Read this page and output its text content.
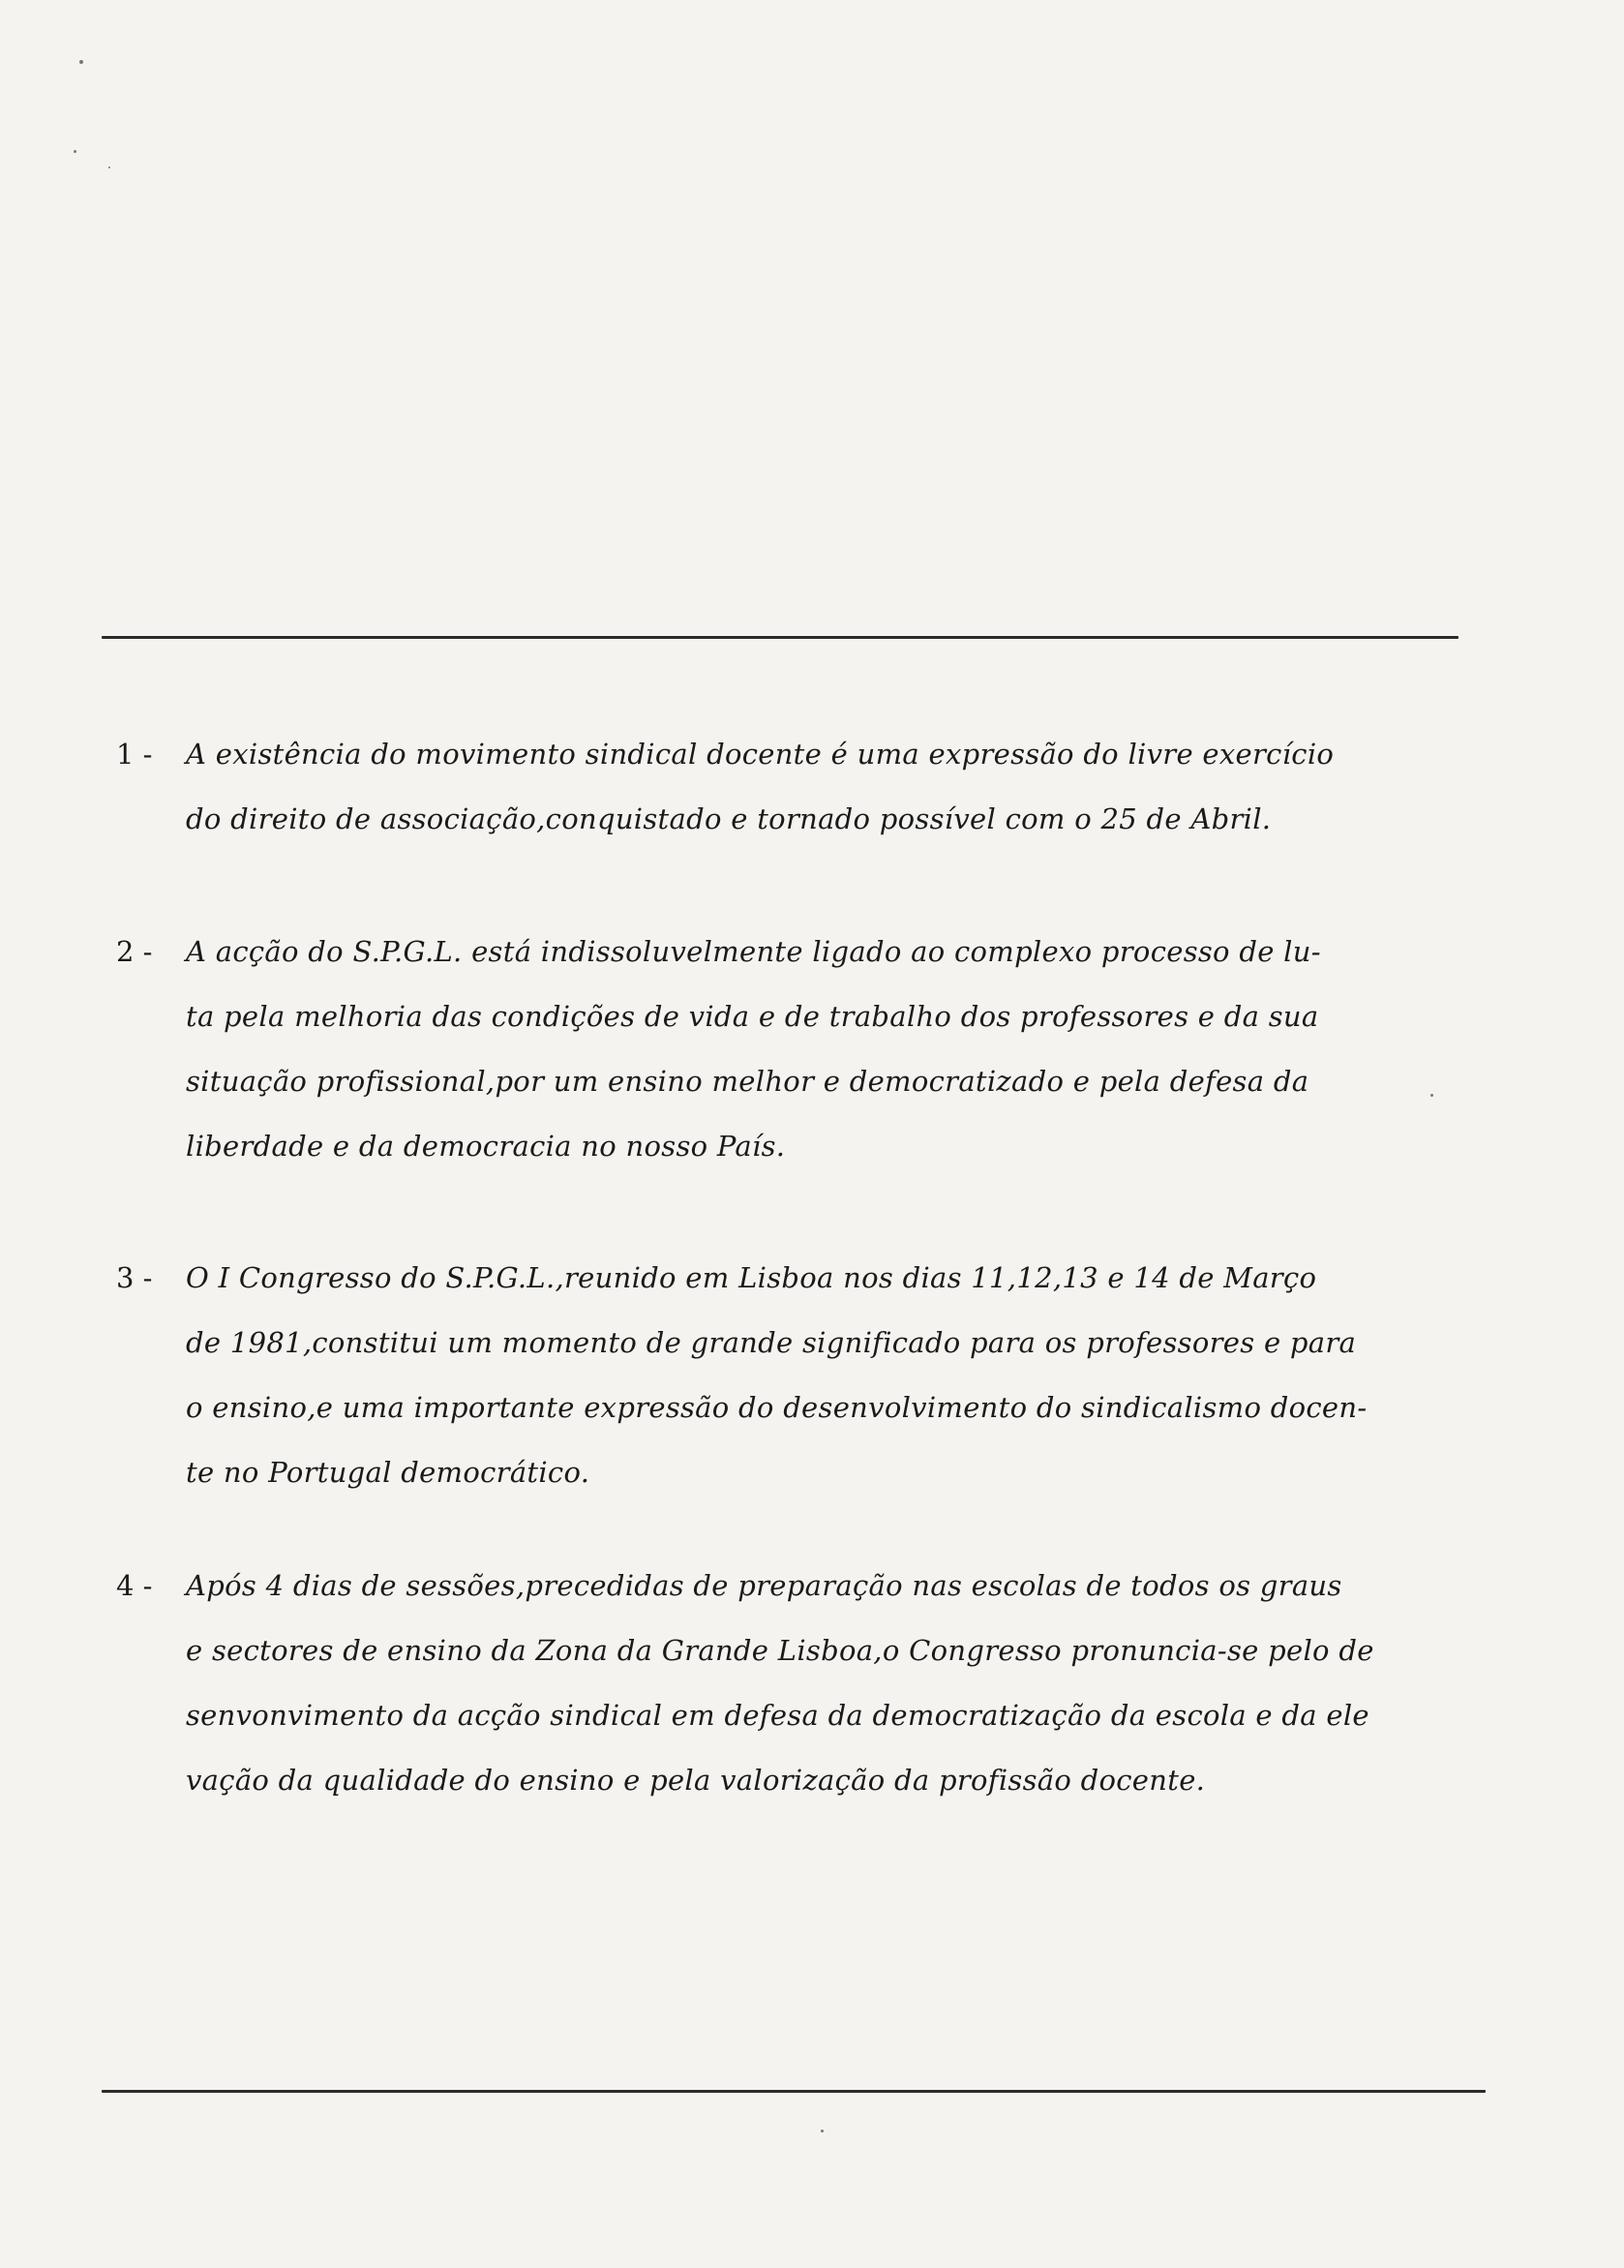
1 -	A existência do movimento sindical docente é uma expressão do livre exercício
do direito de associação,conquistado e tornado possível com o 25 de Abril.
2 -	A acção do S.P.G.L. está indissoluvelmente ligado ao complexo processo de lu-
ta pela melhoria das condições de vida e de trabalho dos professores e da sua
situação profissional,por um ensino melhor e democratizado e pela defesa da
liberdade e da democracia no nosso País.
3 -	O I Congresso do S.P.G.L.,reunido em Lisboa nos dias 11,12,13 e 14 de Março
de 1981,constitui um momento de grande significado para os professores e para
o ensino,e uma importante expressão do desenvolvimento do sindicalismo docen-
te no Portugal democrático.
4 -	Após 4 dias de sessões,precedidas de preparação nas escolas de todos os graus
e sectores de ensino da Zona da Grande Lisboa,o Congresso pronuncia-se pelo de
senvonvimento da acção sindical em defesa da democratização da escola e da ele
vação da qualidade do ensino e pela valorização da profissão docente.
